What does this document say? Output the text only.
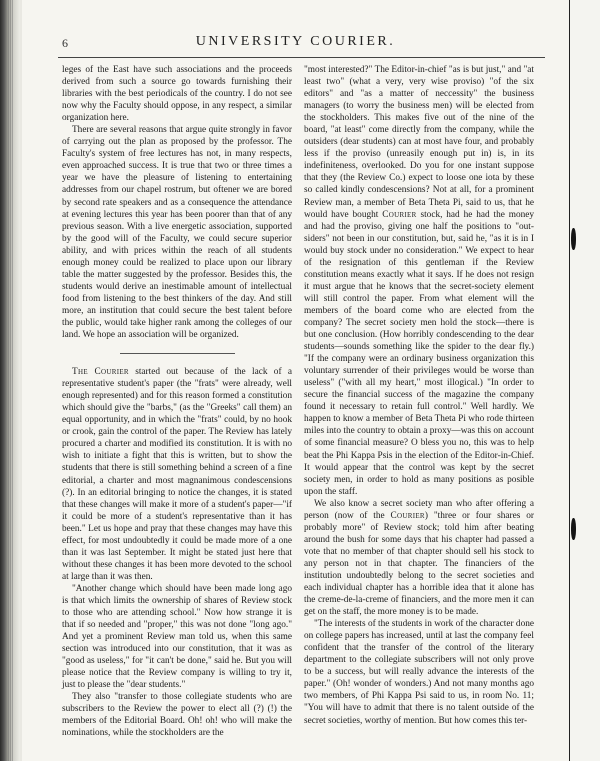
6	UNIVERSITY COURIER.

leges of the East have such associations and the proceeds derived from such a source go towards furnishing their libraries with the best periodicals of the country. I do not see now why the Faculty should oppose, in any respect, a similar organization here.

There are several reasons that argue quite strongly in favor of carrying out the plan as proposed by the professor. The Faculty's system of free lectures has not, in many respects, even approached success. It is true that two or three times a year we have the pleasure of listening to entertaining addresses from our chapel rostrum, but oftener we are bored by second rate speakers and as a consequence the attendance at evening lectures this year has been poorer than that of any previous season. With a live energetic association, supported by the good will of the Faculty, we could secure superior ability, and with prices within the reach of all students enough money could be realized to place upon our library table the matter suggested by the professor. Besides this, the students would derive an inestimable amount of intellectual food from listening to the best thinkers of the day. And still more, an institution that could secure the best talent before the public, would take higher rank among the colleges of our land. We hope an association will be organized.

The Courier started out because of the lack of a representative student's paper (the "frats" were already, well enough represented) and for this reason formed a constitution which should give the "barbs," (as the "Greeks" call them) an equal opportunity, and in which the "frats" could, by no hook or crook, gain the control of the paper. The Review has lately procured a charter and modified its constitution. It is with no wish to initiate a fight that this is written, but to show the students that there is still something behind a screen of a fine editorial, a charter and most magnanimous condescensions (?). In an editorial bringing to notice the changes, it is stated that these changes will make it more of a student's paper—"if it could be more of a student's representative than it has been." Let us hope and pray that these changes may have this effect, for most undoubtedly it could be made more of a one than it was last September. It might be stated just here that without these changes it has been more devoted to the school at large than it was then.

"Another change which should have been made long ago is that which limits the ownership of shares of Review stock to those who are attending school." Now how strange it is that if so needed and "proper," this was not done "long ago." And yet a prominent Review man told us, when this same section was introduced into our constitution, that it was as "good as useless," for "it can't be done," said he. But you will please notice that the Review company is willing to try it, just to please the "dear students."

They also "transfer to those collegiate students who are subscribers to the Review the power to elect all (?) (!) the members of the Editorial Board. Oh! oh! who will make the nominations, while the stockholders are the

"most interested?" The Editor-in-chief "as is but just," and "at least two" (what a very, very wise proviso) "of the six editors" and "as a matter of neccessity" the business managers (to worry the business men) will be elected from the stockholders. This makes five out of the nine of the board, "at least" come directly from the company, while the outsiders (dear students) can at most have four, and probably less if the proviso (unreasily enough put in) is, in its indefiniteness, overlooked. Do you for one instant suppose that they (the Review Co.) expect to loose one iota by these so called kindly condescensions? Not at all, for a prominent Review man, a member of Beta Theta Pi, said to us, that he would have bought Courier stock, had he had the money and had the proviso, giving one half the positions to "out-siders" not been in our constitution, but, said he, "as it is in I would buy stock under no consideration." We expect to hear of the resignation of this gentleman if the Review constitution means exactly what it says. If he does not resign it must argue that he knows that the secret-society element will still control the paper. From what element will the members of the board come who are elected from the company? The secret society men hold the stock—there is but one conclusion. (How horribly condescending to the dear students—sounds something like the spider to the dear fly.) "If the company were an ordinary business organization this voluntary surrender of their privileges would be worse than useless" ("with all my heart," most illogical.) "In order to secure the financial success of the magazine the company found it necessary to retain full control." Well hardly. We happen to know a member of Beta Theta Pi who rode thirteen miles into the country to obtain a proxy—was this on account of some financial measure? O bless you no, this was to help beat the Phi Kappa Psis in the election of the Editor-in-Chief. It would appear that the control was kept by the secret society men, in order to hold as many positions as posible upon the staff.

We also know a secret society man who after offering a person (now of the Courier) "three or four shares or probably more" of Review stock; told him after beating around the bush for some days that his chapter had passed a vote that no member of that chapter should sell his stock to any person not in that chapter. The financiers of the institution undoubtedly belong to the secret societies and each individual chapter has a horrible idea that it alone has the creme-de-la-creme of financiers, and the more men it can get on the staff, the more money is to be made.

"The interests of the students in work of the character done on college papers has increased, until at last the company feel confident that the transfer of the control of the literary department to the collegiate subscribers will not only prove to be a success, but will really advance the interests of the paper." (Oh! wonder of wonders.) And not many months ago two members, of Phi Kappa Psi said to us, in room No. 11; "You will have to admit that there is no talent outside of the secret societies, worthy of mention. But how comes this ter-
